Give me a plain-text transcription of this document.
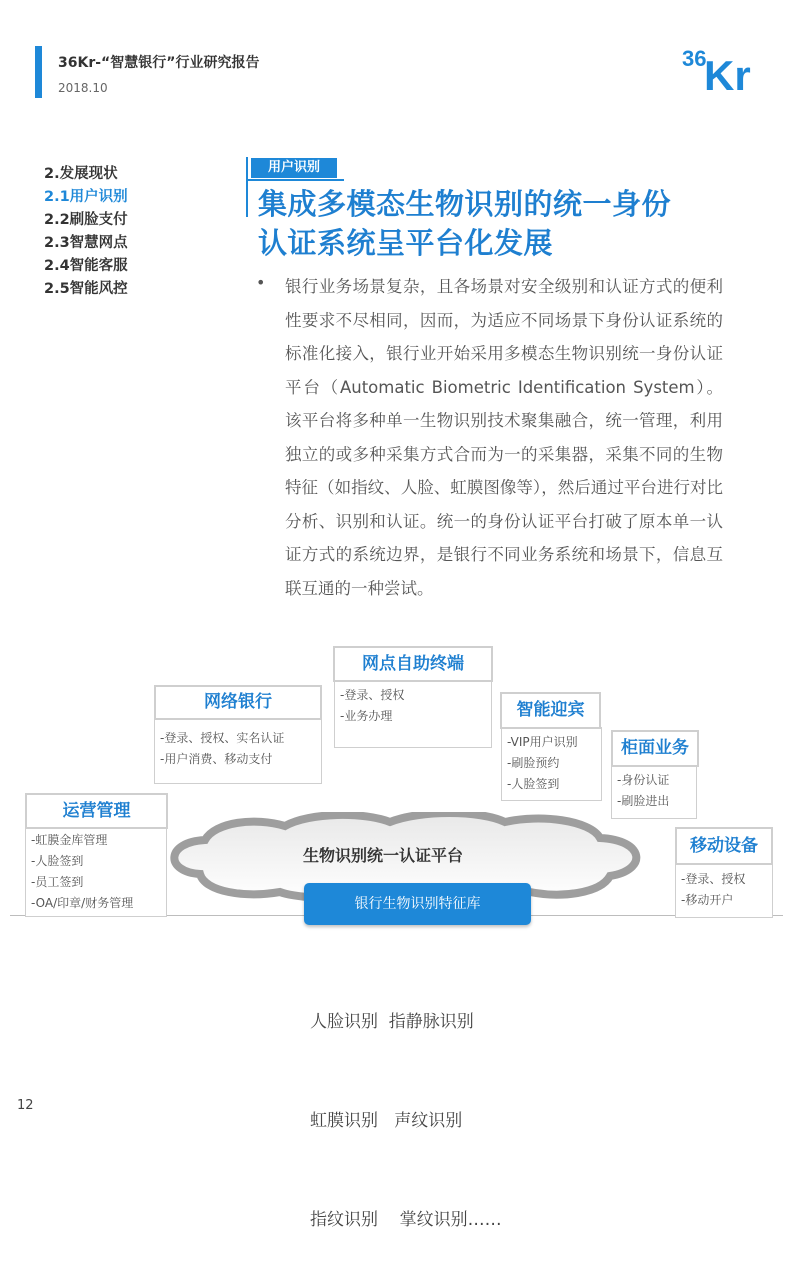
36Kr-“智慧银行”行业研究报告
2018.10
36
Kr
2.发展现状
2.1用户识别
2.2刷脸支付
2.3智慧网点
2.4智能客服
2.5智能风控
用户识别
集成多模态生物识别的统一身份
认证系统呈平台化发展
• 银行业务场景复杂，且各场景对安全级别和认证方式的便利性要求不尽相同，因而，为适应不同场景下身份认证系统的标准化接入，银行业开始采用多模态生物识别统一身份认证平台（Automatic Biometric Identification System）。该平台将多种单一生物识别技术聚集融合，统一管理，利用独立的或多种采集方式合而为一的采集器，采集不同的生物特征（如指纹、人脸、虹膜图像等），然后通过平台进行对比分析、识别和认证。统一的身份认证平台打破了原本单一认证方式的系统边界，是银行不同业务系统和场景下，信息互联互通的一种尝试。
生物识别统一认证平台
银行生物识别特征库
-登录、授权
-业务办理
网点自助终端
-登录、授权、实名认证
-用户消费、移动支付
网络银行
-VIP用户识别
-刷脸预约
-人脸签到
智能迎宾
-身份认证
-刷脸进出
柜面业务
-虹膜金库管理
-人脸签到
-员工签到
-OA/印章/财务管理
运营管理
-登录、授权
-移动开户
移动设备

人脸识别  指静脉识别

虹膜识别   声纹识别

指纹识别    掌纹识别……

12
